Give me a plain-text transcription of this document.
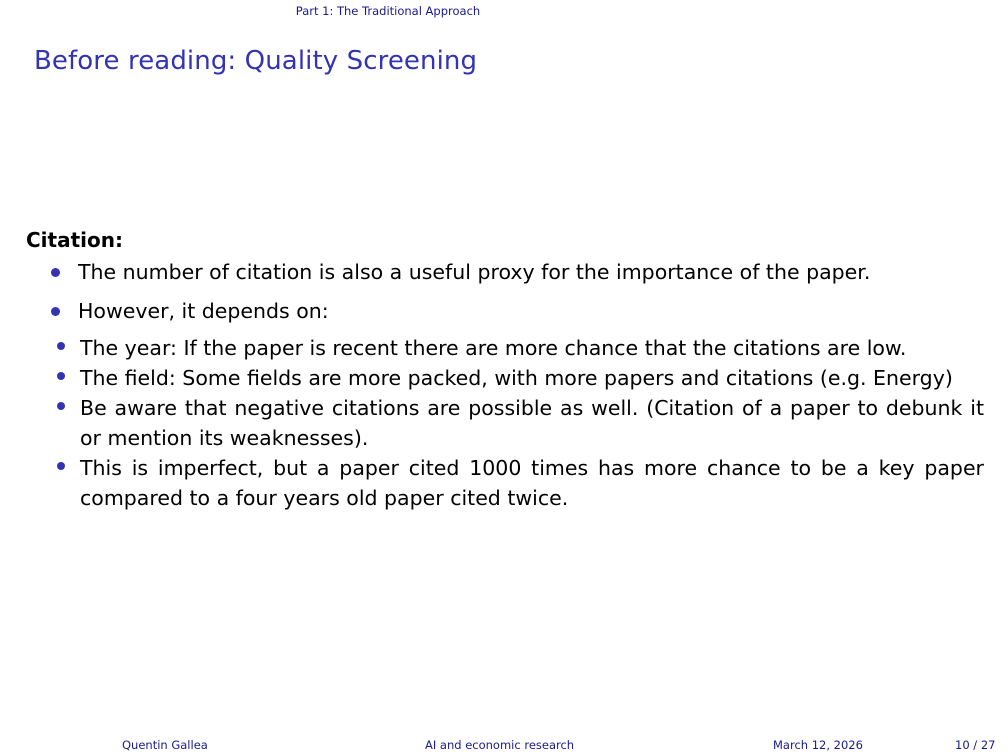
Part 1: The Traditional Approach
Before reading: Quality Screening
Citation:
The number of citation is also a useful proxy for the importance of the paper.
However, it depends on:
The year: If the paper is recent there are more chance that the citations are low.
The field: Some fields are more packed, with more papers and citations (e.g. Energy)
Be aware that negative citations are possible as well. (Citation of a paper to debunk it or mention its weaknesses).
This is imperfect, but a paper cited 1000 times has more chance to be a key paper compared to a four years old paper cited twice.
Quentin Gallea	AI and economic research	March 12, 2026	10 / 27
